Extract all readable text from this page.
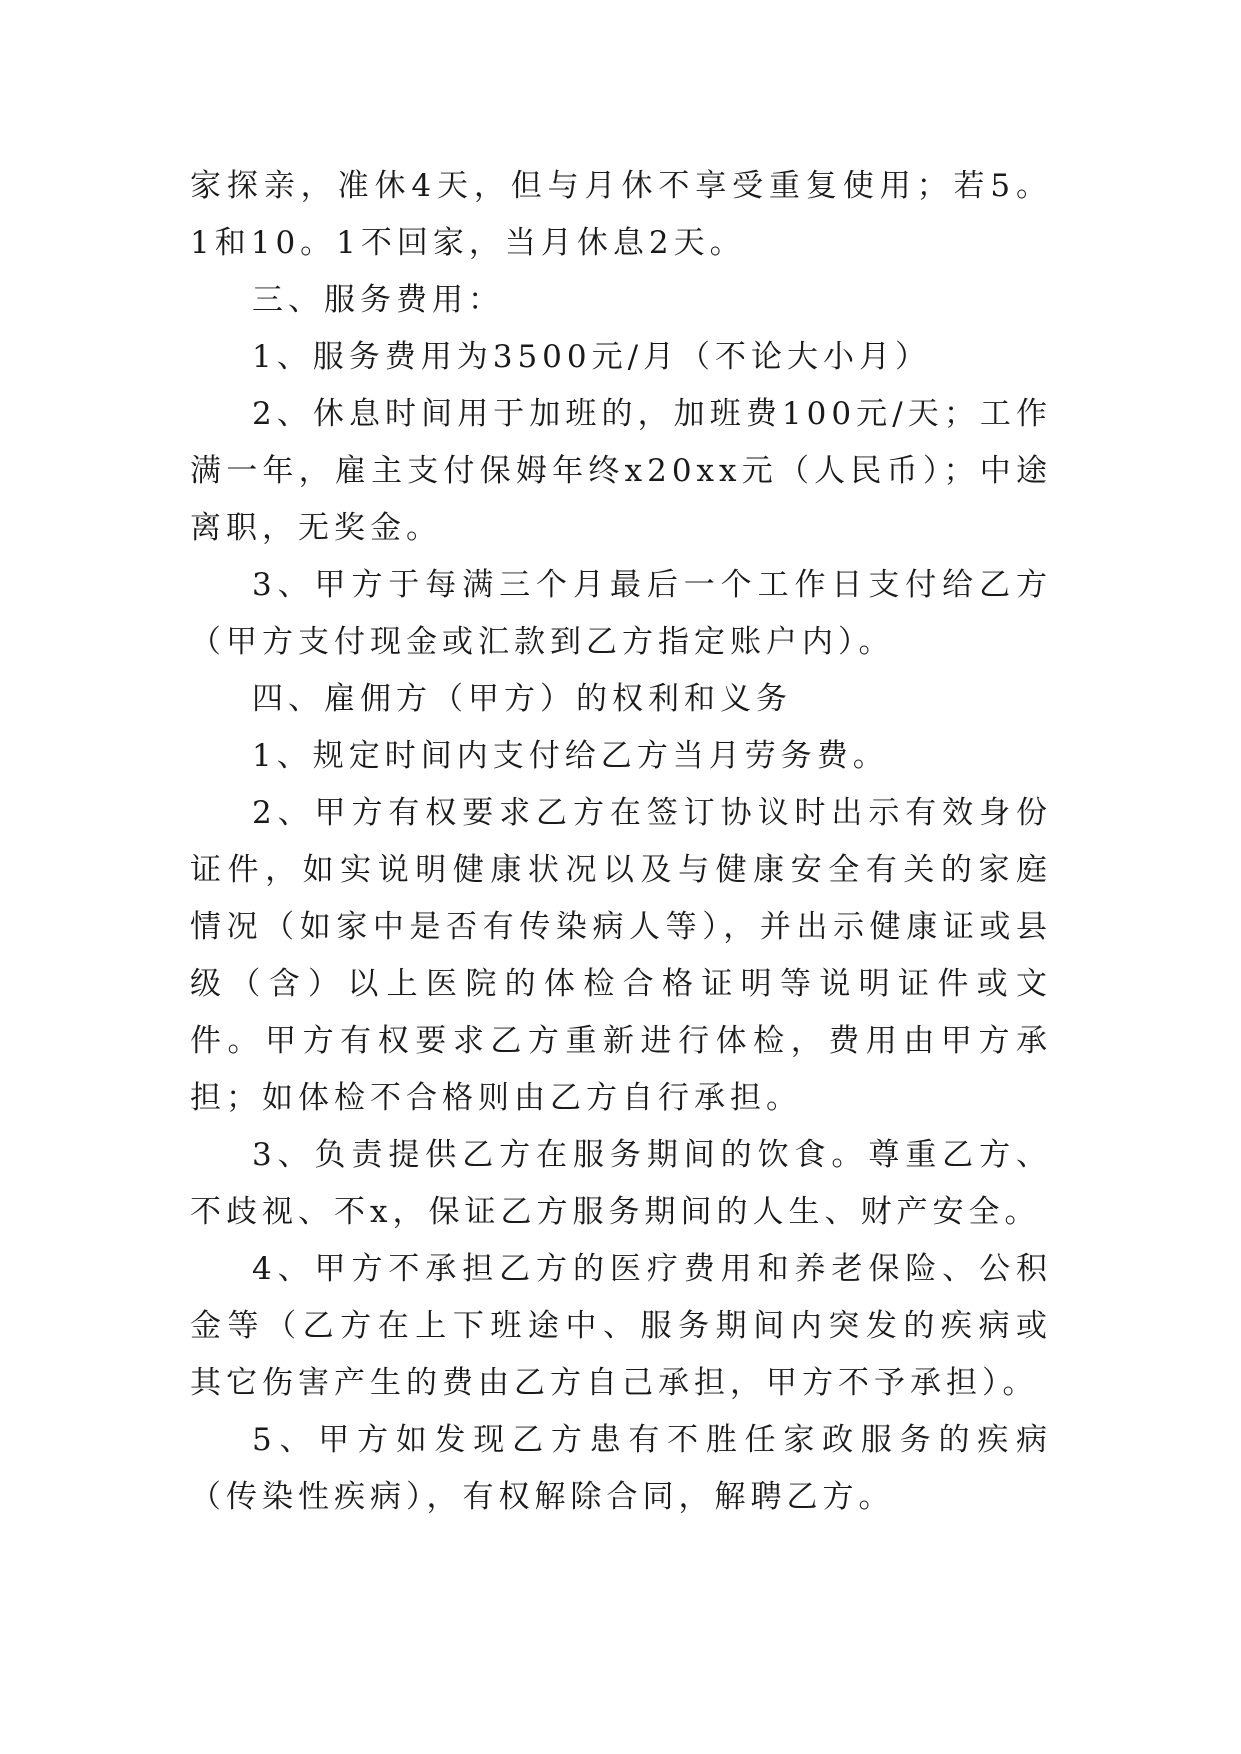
家探亲，准休4天，但与月休不享受重复使用；若5。1和10。1不回家，当月休息2天。

三、服务费用：

1、服务费用为3500元/月（不论大小月）

2、休息时间用于加班的，加班费100元/天；工作满一年，雇主支付保姆年终x20xx元（人民币）；中途离职，无奖金。

3、甲方于每满三个月最后一个工作日支付给乙方（甲方支付现金或汇款到乙方指定账户内）。

四、雇佣方（甲方）的权利和义务

1、规定时间内支付给乙方当月劳务费。

2、甲方有权要求乙方在签订协议时出示有效身份证件，如实说明健康状况以及与健康安全有关的家庭情况（如家中是否有传染病人等），并出示健康证或县级（含）以上医院的体检合格证明等说明证件或文件。甲方有权要求乙方重新进行体检，费用由甲方承担；如体检不合格则由乙方自行承担。

3、负责提供乙方在服务期间的饮食。尊重乙方、不歧视、不x，保证乙方服务期间的人生、财产安全。

4、甲方不承担乙方的医疗费用和养老保险、公积金等（乙方在上下班途中、服务期间内突发的疾病或其它伤害产生的费由乙方自己承担，甲方不予承担）。

5、甲方如发现乙方患有不胜任家政服务的疾病（传染性疾病），有权解除合同，解聘乙方。
